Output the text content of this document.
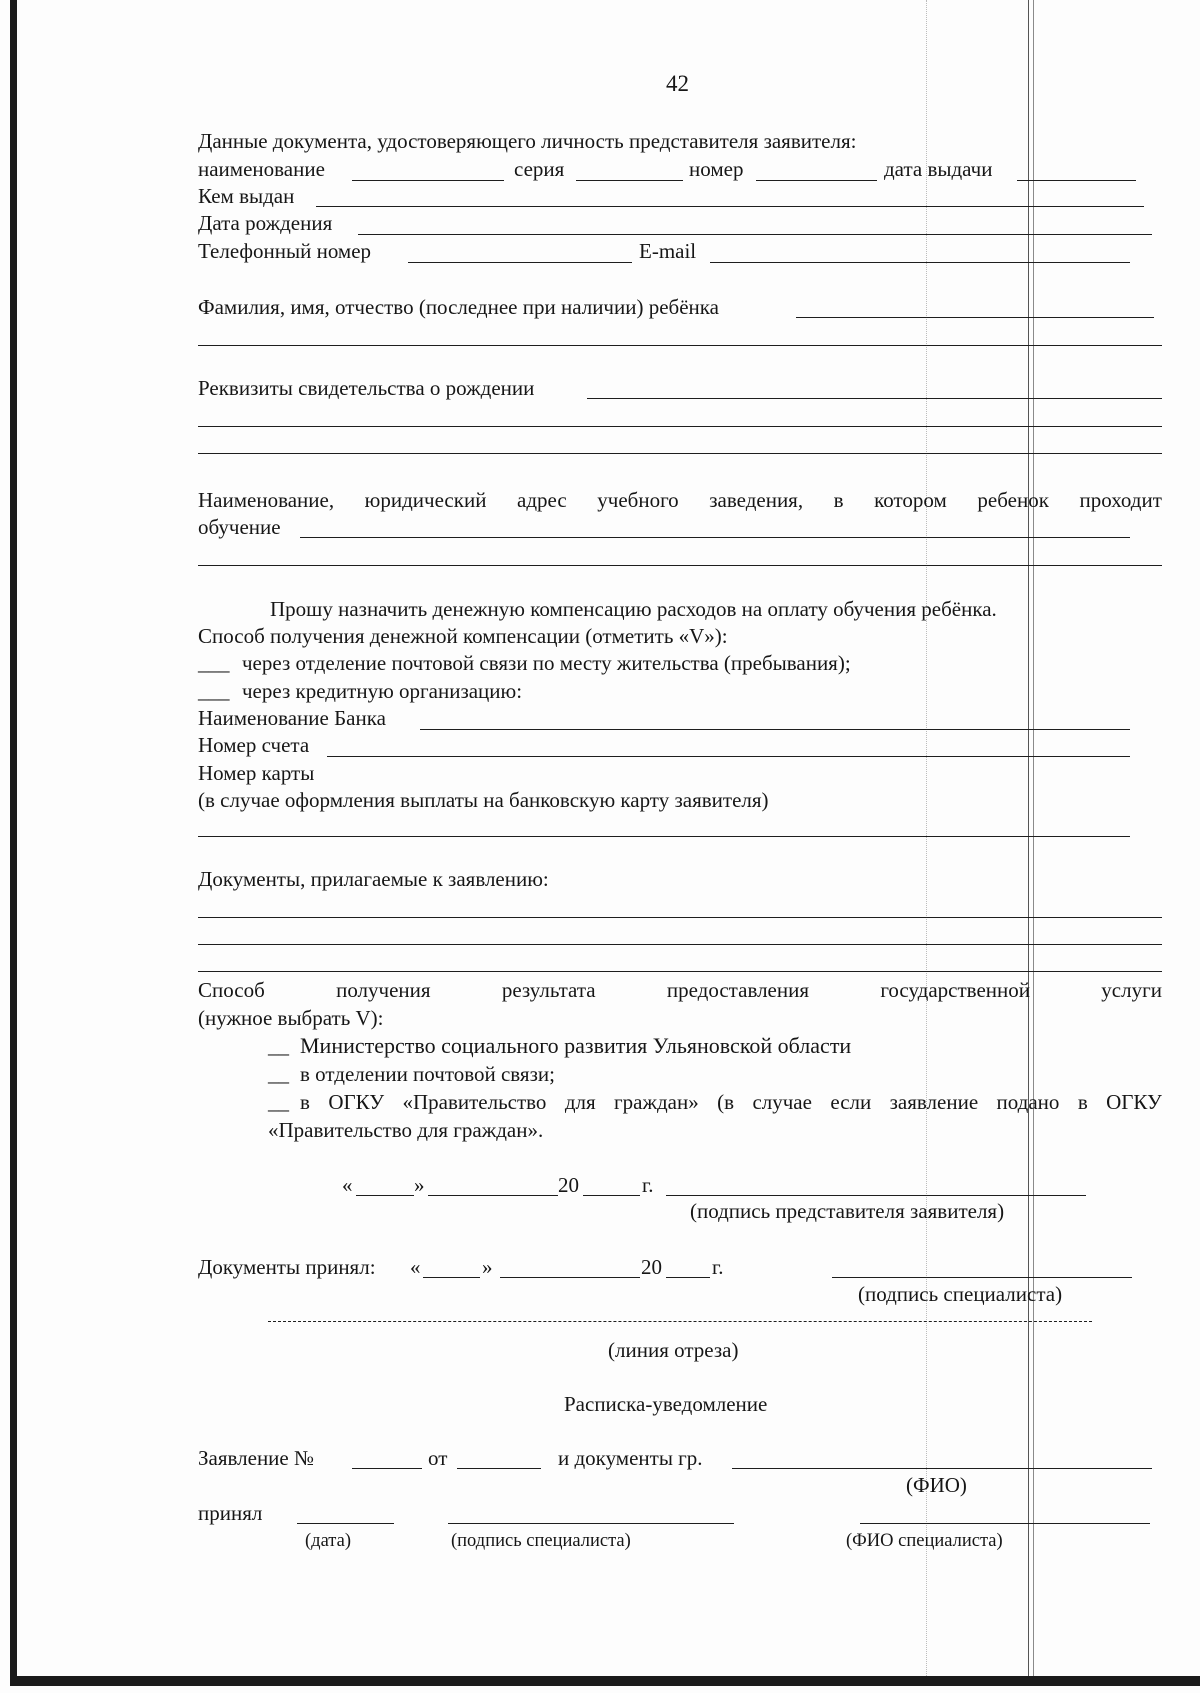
42
Данные документа, удостоверяющего личность представителя заявителя:
наименование	серия	номер	дата выдачи
Кем выдан
Дата рождения
Телефонный номер	E-mail
Фамилия, имя, отчество (последнее при наличии) ребёнка
Реквизиты свидетельства о рождении
Наименование, юридический адрес учебного заведения, в котором ребенок проходит
обучение
Прошу назначить денежную компенсацию расходов на оплату обучения ребёнка.
Способ получения денежной компенсации (отметить «V»):
___ через отделение почтовой связи по месту жительства (пребывания);
___ через кредитную организацию:
Наименование Банка
Номер счета
Номер карты
(в случае оформления выплаты на банковскую карту заявителя)
Документы, прилагаемые к заявлению:
Способ	получения	результата	предоставления	государственной	услуги
(нужное выбрать V):
__ Министерство социального развития Ульяновской области
__ в отделении почтовой связи;
__ в ОГКУ «Правительство для граждан» (в случае если заявление подано в ОГКУ
«Правительство для граждан».
«	»	20	г.
(подпись представителя заявителя)
Документы принял: «	»	20 г.
(подпись специалиста)
(линия отреза)
Расписка-уведомление
Заявление №	от	и документы гр.
(ФИО)
принял
(дата)	(подпись специалиста)	(ФИО специалиста)
